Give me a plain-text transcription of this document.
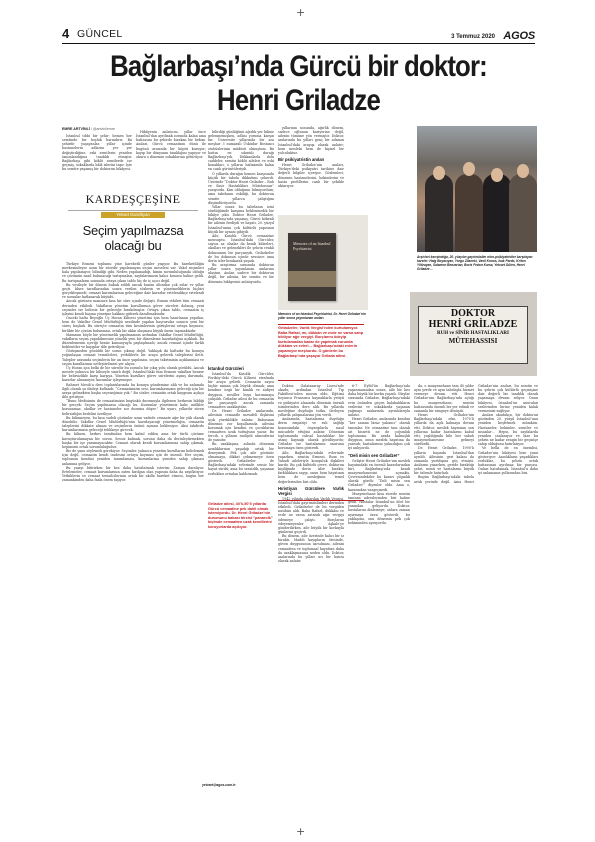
+
4 GÜNCEL	3 Temmuz 2020 AGOS
Bağlarbaşı’nda Gürcü bir doktor: Henri Griladze
EMRE ARTVİNLİ / @artvinliemre

İstanbul tıbbi bir şehir; hemen her semtinde bir hoşluk barındırır. Bu şehirde yaşayanlar, yıllar içinde hastanelerin adlarını yer yer değiştirdiğine, eski semtlerin yeniden tanımlandığına tanıklık etmiştir. Bağlarbaşı gibi köklü semtlerde ise geçmiş, sokaklarda hâlâ izlerini taşır. İşte bu semtte yaşamış bir doktorun hikâyesi.

Hikâyenin anlatıcısı, yıllar önce İstanbul’dan ayrılmak zorunda kalan ama hafızasını bu şehirde bırakan bir hekim. Anıları, Gürcü cemaatinin dünü ile bugünü arasında bir köprü kuruyor; kayıp bir dünyanın tanıklığını yapıyor ve okuru o dönemin sokaklarına götürüyor.

KARDEŞÇEŞİNE
Yetvart Danzikyan
Seçim yapılmazsa olacağı bu

Türkiye Ermeni toplumu yine hareketli günler yaşıyor. Bu hareketliliğin merkezindeyse uzun bir süredir yapılamayan seçim meselesi var. Vakıf seçimleri hala yapılamıyor, bilindiği gibi. Neden yapılamadığı, kimin sorumluluğunda olduğu ve çözümün nasıl bulunacağı tartışmaları, sayfalarımızın kalıcı konusu haline geldi. Bu tartışmaların sonunda ortaya çıkan tablo hiç de iç açıcı değil.

Bu vesileyle bir dönem hukuk edildi ancak bunun altından çok sular ve yıllar geçti. İdare taraflarından sonra verilen sözlerin ve yönetmeliklerin hiçbiri gerçekleşmedi; cemaat kurumlarının geleceğine dair kararlar ertelendikçe ertelendi ve sorunlar katlanarak büyüdü.

Ancak görünen manzara kısa bir süre içinde değişti. Bunun etkileri tüm cemaati derinden etkiledi. Vakıfların yönetim kurullarının görev süreleri dolmuş, yeni seçimler ise belirsiz bir geleceğe bırakılmıştır. Ortaya çıkan tablo, cemaatin iç işlerini kendi başına yönetme hakkını giderek daraltmaktadır.

Önceki hafta Beyoğlu Üç Horan Kilisesi yönetimi için hem hazırlanan yapıdan, hem de Vakıflar Genel Müdürlüğü nezdinde yapılan başvurular sonucu yeni bir süreç başladı. Bu süreçte cemaatin tüm kesimlerinin görüşlerini ortaya koyması, birlikte bir çözüm bulunması, ortak bir aklın oluşması büyük önem taşımaktadır.

Mamasın böyle bir yönetmelik yapılmasının ardından Vakıflar Genel Müdürlüğü, vakıfların seçim yapabilmesine yönelik yeni bir düzenleme hazırladığını açıkladı. Bu düzenlemenin içeriği henüz kamuoyuyla paylaşılmadı; ancak cemaat içinde farklı beklentiler ve kaygılar dile getiriliyor.

Görüşmeden gönüldü bir sorun çıkmış değil. Yaklaşık iki haftadır bu konuya yoğunlaşan cemaat temsilcileri, yetkililerle bir araya gelerek taleplerini iletti. Talepler arasında seçimlerin bir an önce yapılması, seçim takviminin açıklanması ve seçim kurallarının netleştirilmesi yer alıyor.

Üç Horan için belki de bir süredir bu zorunlu bir çıkış yolu olarak görüldü. Ancak mesele yalnızca bir kiliseyle sınırlı değil; İstanbul’daki tüm Ermeni vakıfları benzer bir belirsizlikle karşı karşıya. Yönetim kurulları görev sürelerini aşmış durumda, kararlar alınamıyor, kurumlar işleyemiyor.

Rahmet Mesih’a ders toplantılarında bu konuya gündemine aldı ve bu anlamda ilgili olarak şu ifadeyi kullandı: “Cemaatimizin sesi, kurumlarımızın geleceği için bir araya gelmekten başka seçeneğimiz yok.” Bu sözler, cemaatin ortak kaygısını açıkça dile getiriyor.

“Bunu Medisimin de cemaatimizin bugünkü durumuyla ilgilenen herkesin bildiği bir gerçek: Seçim yapılmazsa olacağı bu. Kurumlar yönetimsiz kalır, mülkler korunamaz, okullar ve hastaneler zor duruma düşer.” Bu uyarı, yıllardır süren belirsizliğin bedelini özetliyor.

Bu bilinmeyen, bu kısa vadeli çözümler uzun vadede cemaate ağır bir yük olarak dönebilir. Vakıflar Genel Müdürlüğü’nün hazırlayacağı yönetmeliğin, cemaatin taleplerini dikkate alması ve seçimlerin önünü açması bekleniyor. Aksi takdirde kurumlarımızın geleceği tehlikeye girecek.

Bu bilinen, herkes tarafından hem kabul edilen ama bir türlü çözüme kavuşturulamayan bir sorun. Sessiz kalmak, sorunu daha da derinleştirmekten başka bir işe yaramayacaktır. Cemaat olarak kendi kurumlarımıza sahip çıkmak, hepimizin ortak sorumluluğudur.

Bir de şunu söylemek gerekiyor: Seçimler, yalnızca yönetim kurullarını belirlemek için değil, cemaatin kendi iradesini ortaya koyması için de önemli. Her seçim, toplumun kendini yeniden tanımlaması, kurumlarına yeniden sahip çıkması anlamına geliyor.

Bu yazıyı bitirirken bir kez daha hatırlatmak isterim: Zaman daralıyor. Ertelemeler, cemaat kurumlarının zaten kırılgan olan yapısını daha da zayıflatıyor. Yetkililerin ve cemaat temsilcilerinin ortak bir akılla hareket etmesi, bugün her zamankinden daha fazla önem taşıyor.

bilirdiği günlüğünü ağırlık yer bilinir gelenmemişken, adlını yoruma karşın bir. Üniversite yıllarında bir ara meşhur 3 numaralı Üsküdar Bostancı otobüslerinin müdürü olmuştum. Bu hattın en sıkıntılı durağı Bağlarbaşı’ydı. Dükkanlarla dolu caddeler, semtin köklü aileleri ve eski konakları, o yılların hafızamda kalan en canlı görüntüleriydi.

O yıllarda durağın hemen karşısında küçük bir tabela dikkatimi çekerdi. Üzerinde “Doktor Henri Griladze – Ruh ve Sinir Hastalıkları Mütehassısı” yazıyordu. Kim olduğunu bilmiyordum; ama tabelanın eskiliği, bu doktorun semtte yıllarca çalıştığını düşündürüyordu.

Yıllar sonra bu tabelanın izini sürdüğümde karşıma beklenmedik bir hikâye çıktı. Doktor Henri Griladze, Bağlarbaşı’nda yaşamış, Gürcü kökenli bir ailenin ferdiydi ve hayatı, 20. yüzyıl İstanbul’unun çok kültürlü yapısının küçük bir aynası gibiydi.

Aile, Katolik Gürcü cemaatine mensuptu. İstanbul’daki Gürcüler, sayıca az olsalar da kendi kiliseleri, okulları ve gelenekleri ile şehrin renkli dokusunun bir parçasıydı. Griladzeler de bu dokunun içinde sessizce ama derin izler bırakarak yaşadı.

Bu araştırma sırasında doktorun yıllar sonra yayımlanan anılarına ulaştım. Anılar, sadece bir doktorun değil, bir ailenin, bir semtin ve bir dönemin hikâyesini anlatıyordu.

İstanbul Gürcüleri

İstanbul’da Katolik Gürcüler, Feriköy’deki Gürcü Kilisesi etrafında bir araya gelirdi. Cemaatin sayısı hiçbir zaman çok büyük olmadı; ama kendine özgü bir kimlik ve aidiyet duygusu, nesiller boyu korunmaya çalışıldı. Griladze ailesi de bu cemaatin bir parçasıydı ancak zamanla cemaatten uzaklaştılar.

Dr. Henri Griladze anılarında, ailesinin cemaatle mesafeli ilişkisini açık yüreklilikle anlatır. Babasının dönemin zor koşullarında ailesini korumak için kendini ve çocuklarını cemaatten uzak tuttuğunu yazar. Bu tercih, o yılların endişeli atmosferini de yansıtır.

Bu uzaklaşma, aslında dönemin azınlıklarının yaşadığı ortak bir deneyimdi. Pek çok aile görünür olmamaya, dikkat çekmemeye özen gösterdi. Griladzeler de Bağlarbaşı’ndaki evlerinde sessiz bir hayat sürdü; ama bu sessizlik, yaşanan zorlukları ortadan kaldırmadı.

yıllarının sonunda, ağırlık dönem, sadece oğlunun kariyerine değil, ailenin tümüne yön vermiştir. Doktor, anılarında bu yılları genç bir adamın İstanbul’daki arayışı olarak anlatır; hem mesleki hem de kişisel bir yolculuktur.

Bir psikiyatristin anıları

Henri Griladze’nin anıları, Türkiye’deki psikiyatri tarihine dair değerli bilgiler içeriyor. Gözlemleri, dönemin hastanelerini, hekimlerini ve hasta profillerini canlı bir şekilde aktarıyor.

Memoirs of an Istanbul Psychiatrist
Memoirs of an Istanbul Psychiatrist, Dr. Henri Griladze’nin yıllar sonra yayımlanan anıları.
Griladzeler, Varlık Vergisi’nden kurtulamıyor. Baba Rafael, mı, dükkân ve evde ne varsa satıp bildiyor ağır vergiyi. Borçlarını ödeyip kurtulamadan kadar de yapılmak zorunda dükkânı ve evleri… Bağlarbaşı’ndaki evlerin yapamıyor meşhurdu. O günlerin bu Bağlarbaşı’nda yaşayor Grilada ailesi.
Griladze ailesi, 40’lı-50’li yıllarda Gürcü cemaatine pek dahil olmak istemiyordu. Dr. Henri Griladze’nin durumunu babası bircisi “panaroik” biçimde cemaatten uzak kendilerini koruyorlarda açıkıyor.

Doktor, Galatasaray Lisesi’nde okudu; ardından İstanbul Tıp Fakültesi’nden mezun oldu. Eğitimi boyunca Fransızca kaynaklarla yetişti ve psikiyatri alanında dönemin önemli isimlerinden ders aldı. Bu yıllarda mesleğine duyduğu tutku, ilerleyen yıllarda çalışmalarına yön verdi.

Anılarında, hastalarına duyduğu derin empatiyi ve ruh sağlığı konusundaki önyargılarla nasıl mücadele ettiğini anlatır. Dönemin toplumunda ruhsal hastalıklar bir utanç kaynağı olarak görülüyordu; Griladze ise hastalarının onurunu korumaya özen gösterdi.

Aile, Bağlarbaşı’ndaki evlerinde yaşarken, semtin Ermeni, Rum ve Yahudi aileleriyle komşuluk ilişkileri kurdu. Bu çok kültürlü çevre, doktorun kişiliğinde derin izler bıraktı; farklılıklara saygı, onun hem hayatının hem de mesleğinin temel değerlerinden biri oldu.

Hıristiyan Gürcülere Varlık Vergisi

1942 yılında çıkarılan Varlık Vergisi, İstanbul’daki gayrimüslimleri derinden etkiledi. Griladzeler de bu vergiden nasibini aldı. Baba Rafael, dükkânı ve evde ne varsa satarak ağır vergiyi ödemeye çalıştı. Borçlarını ödeyemeyenler Aşkale’ye gönderilirken, aile büyük bir korkuyla günlerini geçirdi.

Bu dönem, aile üzerinde kalıcı bir iz bıraktı. Maddi kayıpların ötesinde, güven duygusunun sarsılması, ailenin cemaatten ve toplumsal hayattan daha da uzaklaşmasına neden oldu. Doktor, anılarında bu yılları acı bir hatıra olarak anlatır.

Arşivleri karıştırdığa, 20. yüzyılın gayrimüslim nöro-psikiyatristler karşılayan kareler: Haig Boyacıyan, Yorgo Zilaneki, Vasil Konos, İsak Pardo, Kriton Yiltirayan, Salamon Benzarian, Boris Fedon Karsa, Yetvart Gülen, Henri Griladze…
DOKTOR
HENRİ GRİLADZE
RUH ve SİNİR HASTALIKLARI
MÜTEHASSISI

6-7 Eylül’ün Bağlarbaşı’nda yaşanmasından sonra, aile bir kez daha büyük bir korku yaşadı. Olaylar sırasında Griladze, Bağlarbaşı’ndaki evin önünden geçen kalabalıkların seslerini ve sokaklarda yaşanan yağmayı anılarında ayrıntılarıyla anlatır.

Henri Griladze, anılarında kendini “her zaman biraz yabancı” olarak tanımlar. Ne cemaatine tam olarak ait hissetti ne de çoğunluk toplumuna. Bu arada kalmışlık duygusu, onun meslek hayatına da yansıdı; hastalarının yalnızlığını çok iyi anlıyordu.

“Deli misin sen Griladze!”

Geliştir Henri Griladze’nin meslek hayatındaki en önemli kararlarından biri, Bağlarbaşı’nda kendi muayenehanesini açmaktı. Çevresindekiler bu kararı çılgınlık olarak gördü: “Deli misin sen Griladze!” diyenler oldu. Ama o, kararından vazgeçmedi.

Muayenehane kısa sürede semtin tanınan adreslerinden biri haline geldi. Hastalar İstanbul’un dört bir yanından geliyordu. Doktor, hastalarını dinlemeye, onlara zaman ayırmaya özen gösterdi; bu yaklaşımı, onu dönemin pek çok hekiminden ayırıyordu.

da, o muayenehane tam 40 yıldır aynı yerde ve aynı tabelayla hizmet vermeye devam etti. Henri Griladze’nin Bağlarbaşı’nda açtığı bu muayenehane, semtin hafızasında önemli bir yer edindi ve zamanla bir simgeye dönüştü.

Henri Griladze’nin Bağlarbaşı’ndaki ofisi, 1970’li yıllarda da açık kalmaya devam etti. Doktor, meslek hayatının son yıllarına kadar hastalarını kabul etti; yaşlılığında bile her sabah muayenehanesine gelmeyi sürdürdü.

Dr. Henri Griladze, 1990’lı yılların başında İstanbul’dan ayrıldı. Ailesinin geri kalanı da zamanla yurtdışına göç etmişti. Anılarını yazarken, geride bıraktığı şehri, semti ve hastalarını büyük bir özlemle hatırladı.

Bugün Bağlarbaşı’ndaki tabela artık yerinde değil. Ama Henri Griladze’nin anıları, bu semtin ve bu şehrin çok kültürlü geçmişine dair değerli bir tanıklık olarak yaşamaya devam ediyor. Onun hikâyesi, İstanbul’un unutulan seslerinden birine yeniden kulak vermemizi sağlıyor.

Anıları okudukça, bir doktorun gözünden 20. yüzyıl İstanbul’unu yeniden keşfetmek mümkün. Hastaneler, hekimler, semtler ve insanlar… Hepsi, bu sayfalarda yeniden canlanıyor ve bize bu şehrin ne kadar zengin bir geçmişe sahip olduğunu hatırlatıyor.

Ve belki de en önemlisi, Griladze’nin hikâyesi bize şunu gösteriyor: Azınlıkların yaşadıkları zorluklar, bu şehrin ortak hafızasının ayrılmaz bir parçası. Onları hatırlamak, İstanbul’u daha iyi anlamanın yollarından biri.

yetvart@agos.com.tr
+
